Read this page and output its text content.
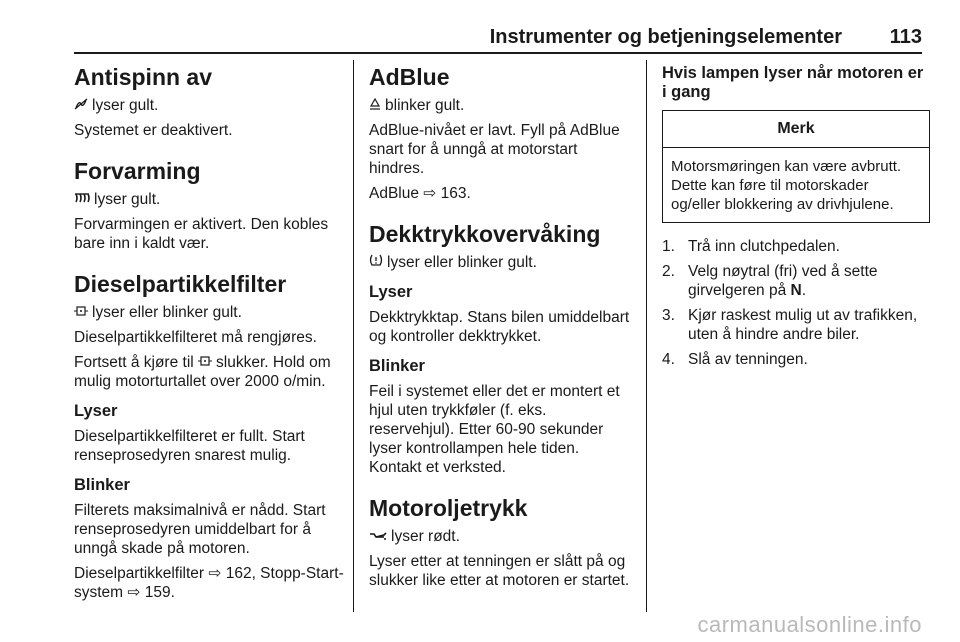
Instrumenter og betjeningselementer 113
Antispinn av

lyser gult.

Systemet er deaktivert.

Forvarming

lyser gult.

Forvarmingen er aktivert. Den kobles bare inn i kaldt vær.

Dieselpartikkelfilter

lyser eller blinker gult.

Dieselpartikkelfilteret må rengjøres.

Fortsett å kjøre til slukker. Hold om mulig motorturtallet over 2000 o/min.

Lyser

Dieselpartikkelfilteret er fullt. Start renseprosedyren snarest mulig.

Blinker

Filterets maksimalnivå er nådd. Start renseprosedyren umiddelbart for å unngå skade på motoren.

Dieselpartikkelfilter ⇨ 162, Stopp-Start-system ⇨ 159.

AdBlue

blinker gult.

AdBlue-nivået er lavt. Fyll på AdBlue snart for å unngå at motorstart hindres.

AdBlue ⇨ 163.

Dekktrykkovervåking

lyser eller blinker gult.

Lyser

Dekktrykktap. Stans bilen umiddelbart og kontroller dekktrykket.

Blinker

Feil i systemet eller det er montert et hjul uten trykkføler (f. eks. reservehjul). Etter 60-90 sekunder lyser kontrollampen hele tiden. Kontakt et verksted.

Motoroljetrykk

lyser rødt.

Lyser etter at tenningen er slått på og slukker like etter at motoren er startet.

Hvis lampen lyser når motoren er i gang
Merk
Motorsmøringen kan være avbrutt. Dette kan føre til motorskader og/eller blokkering av drivhjulene.
1. Trå inn clutchpedalen.
2. Velg nøytral (fri) ved å sette girvelgeren på N.
3. Kjør raskest mulig ut av trafikken, uten å hindre andre biler.
4. Slå av tenningen.
carmanualsonline.info
